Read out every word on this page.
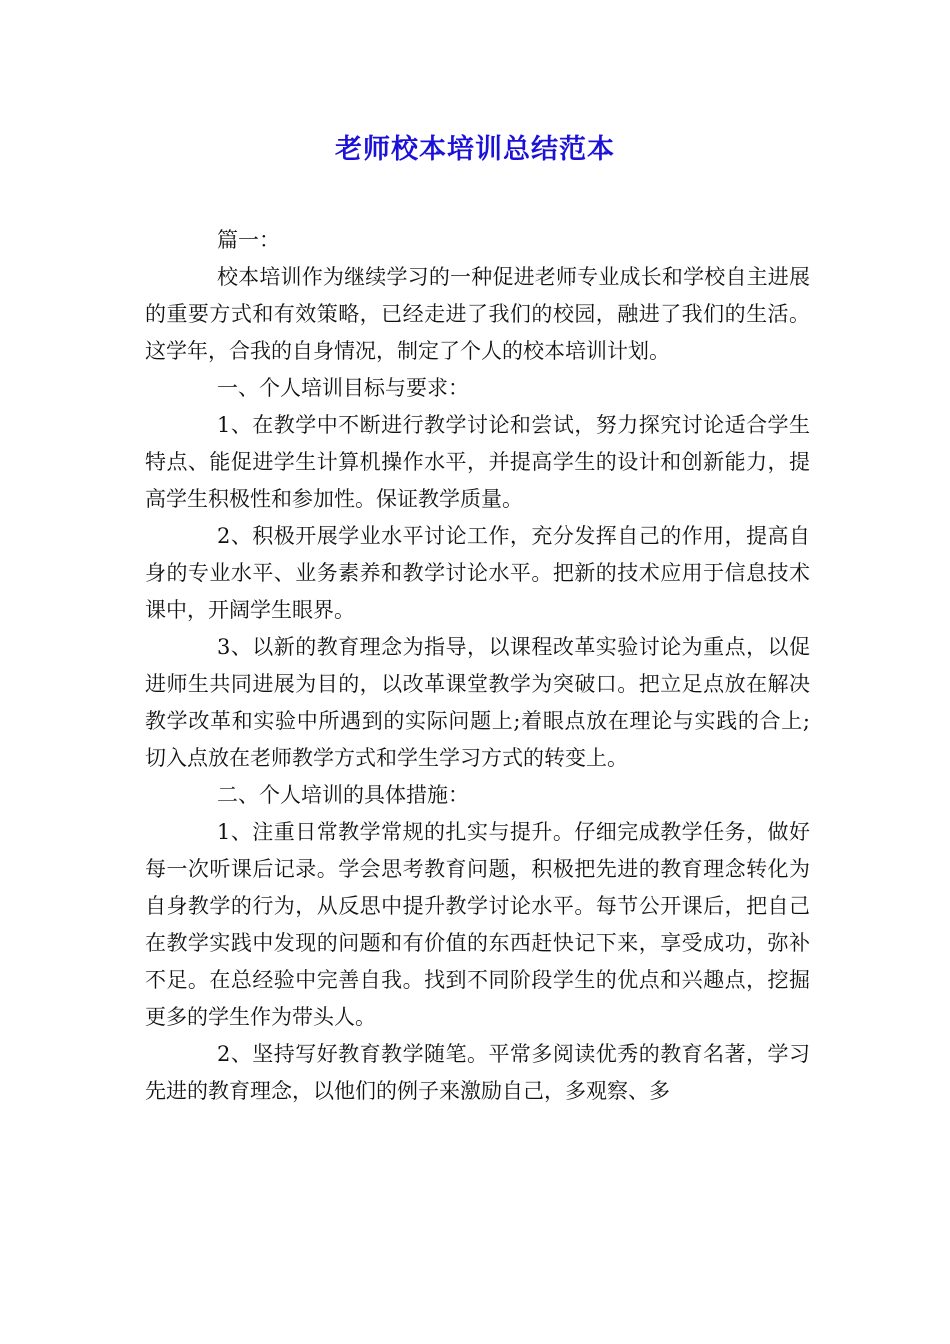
老师校本培训总结范本

篇一：

校本培训作为继续学习的一种促进老师专业成长和学校自主进展的重要方式和有效策略，已经走进了我们的校园，融进了我们的生活。这学年，合我的自身情况，制定了个人的校本培训计划。

一、个人培训目标与要求：

1、在教学中不断进行教学讨论和尝试，努力探究讨论适合学生特点、能促进学生计算机操作水平，并提高学生的设计和创新能力，提高学生积极性和参加性。保证教学质量。

2、积极开展学业水平讨论工作，充分发挥自己的作用，提高自身的专业水平、业务素养和教学讨论水平。把新的技术应用于信息技术课中，开阔学生眼界。

3、以新的教育理念为指导，以课程改革实验讨论为重点，以促进师生共同进展为目的，以改革课堂教学为突破口。把立足点放在解决教学改革和实验中所遇到的实际问题上;着眼点放在理论与实践的合上;切入点放在老师教学方式和学生学习方式的转变上。

二、个人培训的具体措施：

1、注重日常教学常规的扎实与提升。仔细完成教学任务，做好每一次听课后记录。学会思考教育问题，积极把先进的教育理念转化为自身教学的行为，从反思中提升教学讨论水平。每节公开课后，把自己在教学实践中发现的问题和有价值的东西赶快记下来，享受成功，弥补不足。在总经验中完善自我。找到不同阶段学生的优点和兴趣点，挖掘更多的学生作为带头人。

2、坚持写好教育教学随笔。平常多阅读优秀的教育名著，学习先进的教育理念，以他们的例子来激励自己，多观察、多
